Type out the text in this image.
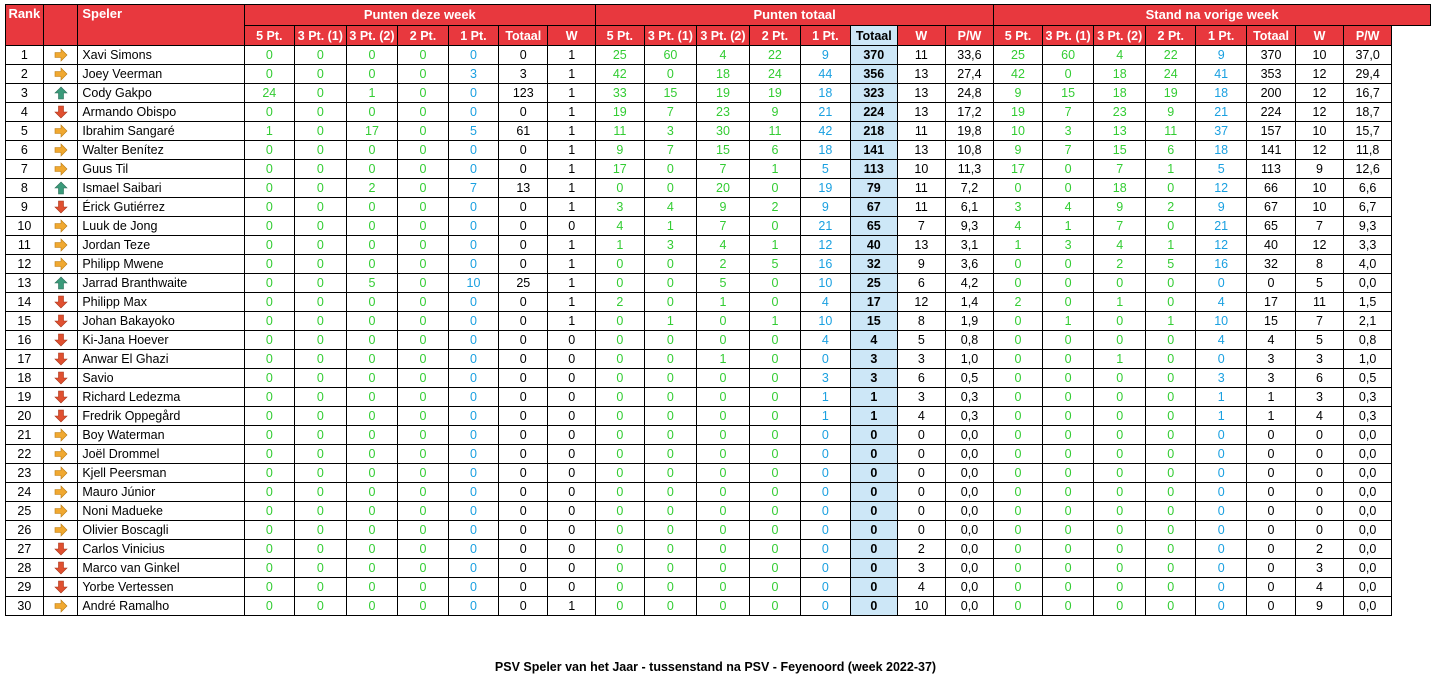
Rank		Speler	Punten deze week							Punten totaal								Stand na vorige week							
			5 Pt.	3 Pt. (1)	3 Pt. (2)	2 Pt.	1 Pt.	Totaal	W	5 Pt.	3 Pt. (1)	3 Pt. (2)	2 Pt.	1 Pt.	Totaal	W	P/W	5 Pt.	3 Pt. (1)	3 Pt. (2)	2 Pt.	1 Pt.	Totaal	W	P/W
1		Xavi Simons	0	0	0	0	0	0	1	25	60	4	22	9	370	11	33,6	25	60	4	22	9	370	10	37,0
2		Joey Veerman	0	0	0	0	3	3	1	42	0	18	24	44	356	13	27,4	42	0	18	24	41	353	12	29,4
3		Cody Gakpo	24	0	1	0	0	123	1	33	15	19	19	18	323	13	24,8	9	15	18	19	18	200	12	16,7
4		Armando Obispo	0	0	0	0	0	0	1	19	7	23	9	21	224	13	17,2	19	7	23	9	21	224	12	18,7
5		Ibrahim Sangaré	1	0	17	0	5	61	1	11	3	30	11	42	218	11	19,8	10	3	13	11	37	157	10	15,7
6		Walter Benítez	0	0	0	0	0	0	1	9	7	15	6	18	141	13	10,8	9	7	15	6	18	141	12	11,8
7		Guus Til	0	0	0	0	0	0	1	17	0	7	1	5	113	10	11,3	17	0	7	1	5	113	9	12,6
8		Ismael Saibari	0	0	2	0	7	13	1	0	0	20	0	19	79	11	7,2	0	0	18	0	12	66	10	6,6
9		Érick Gutiérrez	0	0	0	0	0	0	1	3	4	9	2	9	67	11	6,1	3	4	9	2	9	67	10	6,7
10		Luuk de Jong	0	0	0	0	0	0	0	4	1	7	0	21	65	7	9,3	4	1	7	0	21	65	7	9,3
11		Jordan Teze	0	0	0	0	0	0	1	1	3	4	1	12	40	13	3,1	1	3	4	1	12	40	12	3,3
12		Philipp Mwene	0	0	0	0	0	0	1	0	0	2	5	16	32	9	3,6	0	0	2	5	16	32	8	4,0
13		Jarrad Branthwaite	0	0	5	0	10	25	1	0	0	5	0	10	25	6	4,2	0	0	0	0	0	0	5	0,0
14		Philipp Max	0	0	0	0	0	0	1	2	0	1	0	4	17	12	1,4	2	0	1	0	4	17	11	1,5
15		Johan Bakayoko	0	0	0	0	0	0	1	0	1	0	1	10	15	8	1,9	0	1	0	1	10	15	7	2,1
16		Ki-Jana Hoever	0	0	0	0	0	0	0	0	0	0	0	4	4	5	0,8	0	0	0	0	4	4	5	0,8
17		Anwar El Ghazi	0	0	0	0	0	0	0	0	0	1	0	0	3	3	1,0	0	0	1	0	0	3	3	1,0
18		Savio	0	0	0	0	0	0	0	0	0	0	0	3	3	6	0,5	0	0	0	0	3	3	6	0,5
19		Richard Ledezma	0	0	0	0	0	0	0	0	0	0	0	1	1	3	0,3	0	0	0	0	1	1	3	0,3
20		Fredrik Oppegård	0	0	0	0	0	0	0	0	0	0	0	1	1	4	0,3	0	0	0	0	1	1	4	0,3
21		Boy Waterman	0	0	0	0	0	0	0	0	0	0	0	0	0	0	0,0	0	0	0	0	0	0	0	0,0
22		Joël Drommel	0	0	0	0	0	0	0	0	0	0	0	0	0	0	0,0	0	0	0	0	0	0	0	0,0
23		Kjell Peersman	0	0	0	0	0	0	0	0	0	0	0	0	0	0	0,0	0	0	0	0	0	0	0	0,0
24		Mauro Júnior	0	0	0	0	0	0	0	0	0	0	0	0	0	0	0,0	0	0	0	0	0	0	0	0,0
25		Noni Madueke	0	0	0	0	0	0	0	0	0	0	0	0	0	0	0,0	0	0	0	0	0	0	0	0,0
26		Olivier Boscagli	0	0	0	0	0	0	0	0	0	0	0	0	0	0	0,0	0	0	0	0	0	0	0	0,0
27		Carlos Vinicius	0	0	0	0	0	0	0	0	0	0	0	0	0	2	0,0	0	0	0	0	0	0	2	0,0
28		Marco van Ginkel	0	0	0	0	0	0	0	0	0	0	0	0	0	3	0,0	0	0	0	0	0	0	3	0,0
29		Yorbe Vertessen	0	0	0	0	0	0	0	0	0	0	0	0	0	4	0,0	0	0	0	0	0	0	4	0,0
30		André Ramalho	0	0	0	0	0	0	1	0	0	0	0	0	0	10	0,0	0	0	0	0	0	0	9	0,0
PSV Speler van het Jaar - tussenstand na PSV - Feyenoord (week 2022-37)
